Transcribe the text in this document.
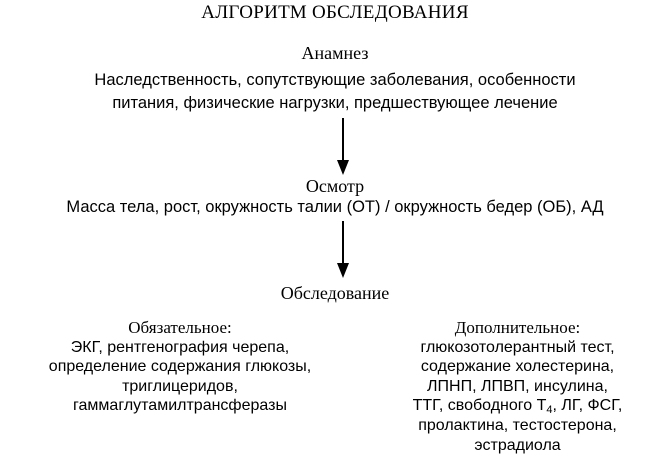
АЛГОРИТМ ОБСЛЕДОВАНИЯ
Анамнез
Наследственность, сопутствующие заболевания, особенности
питания, физические нагрузки, предшествующее лечение
Осмотр
Масса тела, рост, окружность талии (ОТ) / окружность бедер (ОБ), АД
Обследование
Обязательное:
ЭКГ, рентгенография черепа,
определение содержания глюкозы,
триглицеридов,
гаммаглутамилтрансферазы
Дополнительное:
глюкозотолерантный тест,
содержание холестерина,
ЛПНП, ЛПВП, инсулина,
ТТГ, свободного $Т_4$, ЛГ, ФСГ,
пролактина, тестостерона,
эстрадиола
